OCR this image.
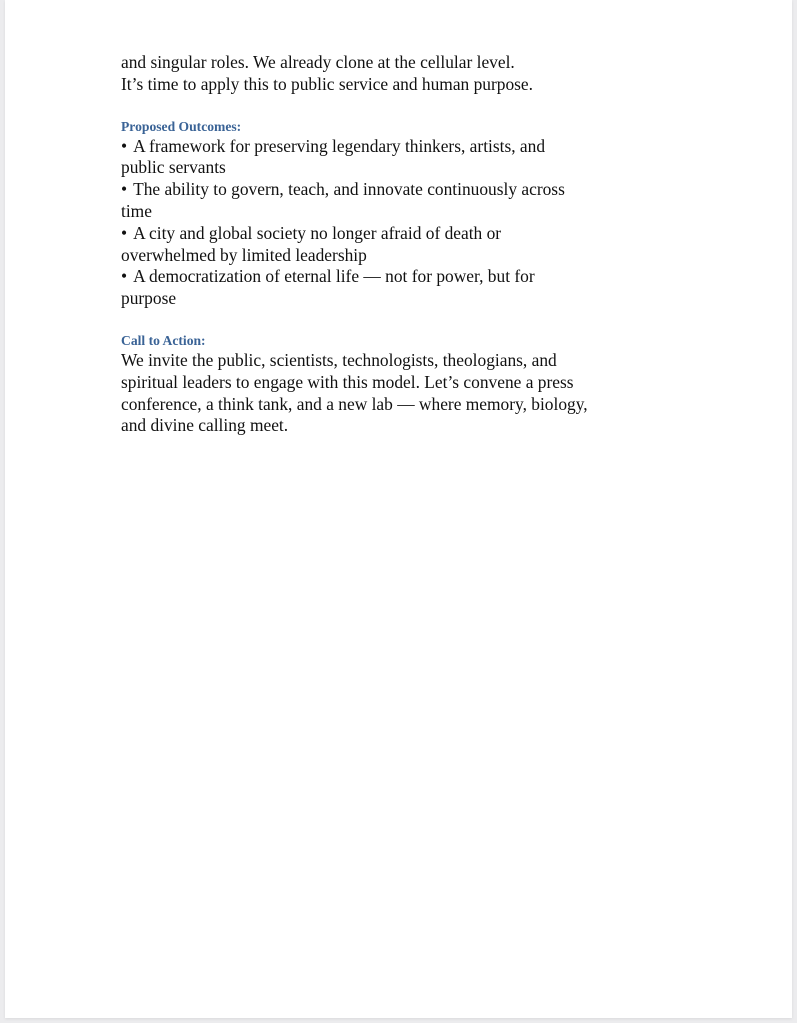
and singular roles. We already clone at the cellular level.
It’s time to apply this to public service and human purpose.

Proposed Outcomes:

• A framework for preserving legendary thinkers, artists, and public servants
• The ability to govern, teach, and innovate continuously across time
• A city and global society no longer afraid of death or overwhelmed by limited leadership
• A democratization of eternal life — not for power, but for purpose

Call to Action:

We invite the public, scientists, technologists, theologians, and spiritual leaders to engage with this model. Let’s convene a press conference, a think tank, and a new lab — where memory, biology, and divine calling meet.
